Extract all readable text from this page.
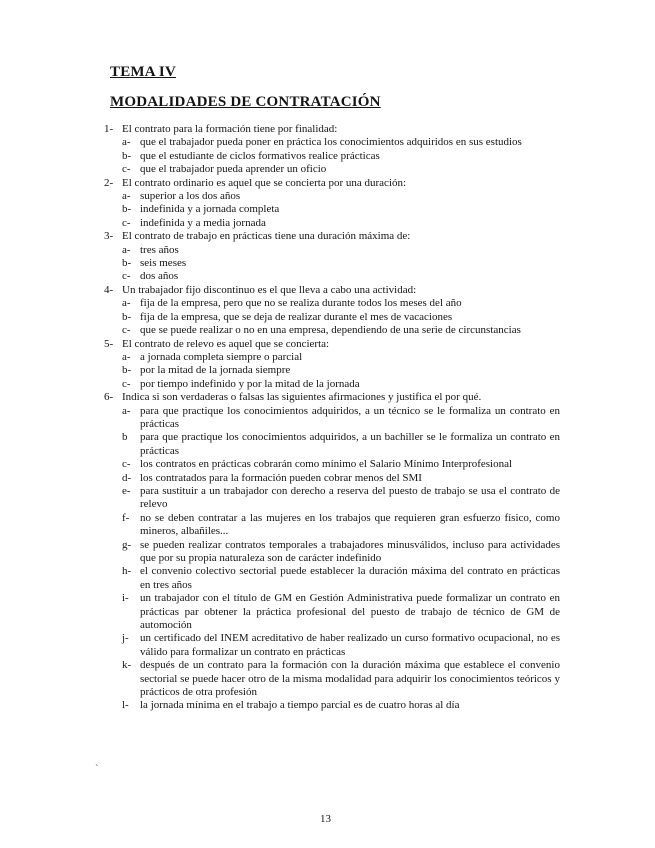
TEMA IV
MODALIDADES DE CONTRATACIÓN
1- El contrato para la formación tiene por finalidad:
a- que el trabajador pueda poner en práctica los conocimientos adquiridos en sus estudios
b- que el estudiante de ciclos formativos realice prácticas
c- que el trabajador pueda aprender un oficio
2- El contrato ordinario es aquel que se concierta por una duración:
a- superior a los dos años
b- indefinida y a jornada completa
c- indefinida y a media jornada
3- El contrato de trabajo en prácticas tiene una duración máxima de:
a- tres años
b- seis meses
c- dos años
4- Un trabajador fijo discontinuo es el que lleva a cabo una actividad:
a- fija de la empresa, pero que no se realiza durante todos los meses del año
b- fija de la empresa, que se deja de realizar durante el mes de vacaciones
c- que se puede realizar o no en una empresa, dependiendo de una serie de circunstancias
5- El contrato de relevo es aquel que se concierta:
a- a jornada completa siempre o parcial
b- por la mitad de la jornada siempre
c- por tiempo indefinido y por la mitad de la jornada
6- Indica si son verdaderas o falsas las siguientes afirmaciones y justifica el por qué.
a- para que practique los conocimientos adquiridos, a un técnico se le formaliza un contrato en prácticas
b para que practique los conocimientos adquiridos, a un bachiller se le formaliza un contrato en prácticas
c- los contratos en prácticas cobrarán como mínimo el Salario Mínimo Interprofesional
d- los contratados para la formación pueden cobrar menos del SMI
e- para sustituir a un trabajador con derecho a reserva del puesto de trabajo se usa el contrato de relevo
f- no se deben contratar a las mujeres en los trabajos que requieren gran esfuerzo físico, como mineros, albañiles...
g- se pueden realizar contratos temporales a trabajadores minusválidos, incluso para actividades que por su propia naturaleza son de carácter indefinido
h- el convenio colectivo sectorial puede establecer la duración máxima del contrato en prácticas en tres años
i- un trabajador con el título de GM en Gestión Administrativa puede formalizar un contrato en prácticas par obtener la práctica profesional del puesto de trabajo de técnico de GM de automoción
j- un certificado del INEM acreditativo de haber realizado un curso formativo ocupacional, no es válido para formalizar un contrato en prácticas
k- después de un contrato para la formación con la duración máxima que establece el convenio sectorial se puede hacer otro de la misma modalidad para adquirir los conocimientos teóricos y prácticos de otra profesión
l- la jornada mínima en el trabajo a tiempo parcial es de cuatro horas al día
`
13
